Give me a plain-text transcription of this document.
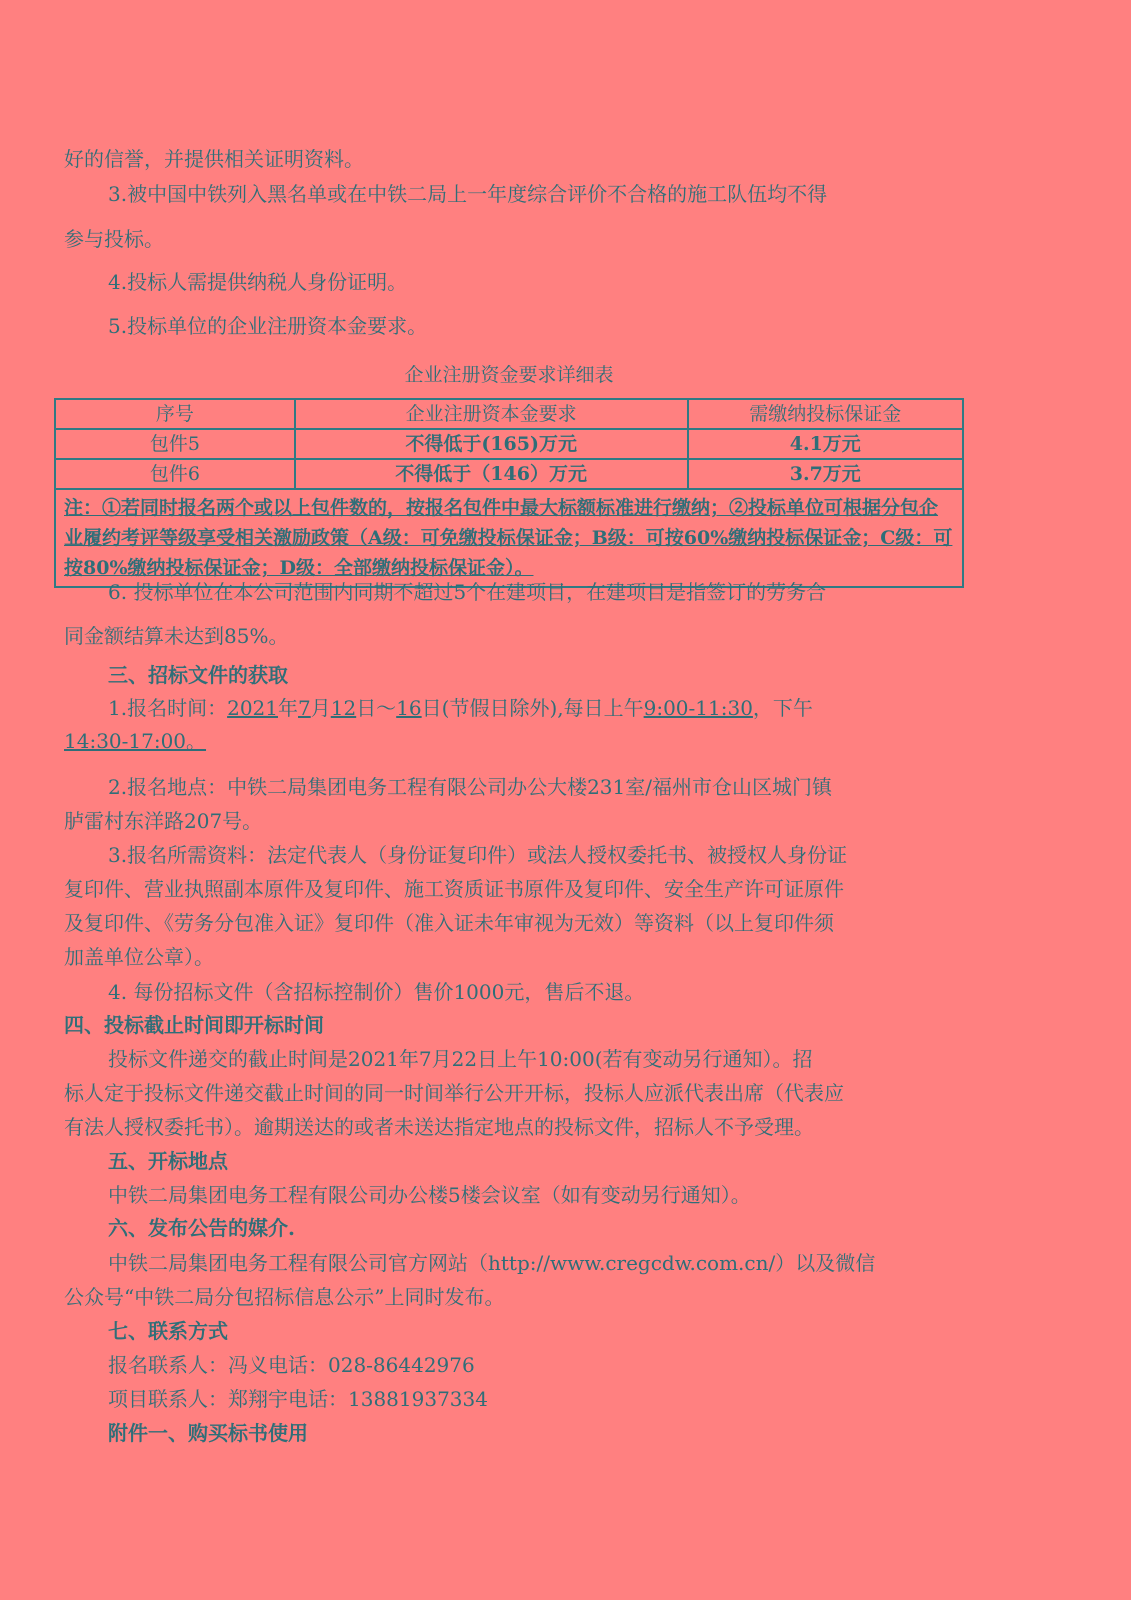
好的信誉，并提供相关证明资料。
3.被中国中铁列入黑名单或在中铁二局上一年度综合评价不合格的施工队伍均不得
参与投标。
4.投标人需提供纳税人身份证明。
5.投标单位的企业注册资本金要求。
企业注册资金要求详细表
序号	企业注册资本金要求	需缴纳投标保证金
包件5	不得低于(165)万元	4.1万元
包件6	不得低于（146）万元	3.7万元
注：①若同时报名两个或以上包件数的，按报名包件中最大标额标准进行缴纳；②投标单位可根据分包企业履约考评等级享受相关激励政策（A级：可免缴投标保证金；B级：可按60%缴纳投标保证金；C级：可按80%缴纳投标保证金；D级：全部缴纳投标保证金）。		
6. 投标单位在本公司范围内同期不超过5个在建项目，在建项目是指签订的劳务合
同金额结算未达到85%。
三、招标文件的获取
1.报名时间：2021年7月12日～16日(节假日除外),每日上午9:00-11:30，下午
14:30-17:00。
2.报名地点：中铁二局集团电务工程有限公司办公大楼231室/福州市仓山区城门镇
胪雷村东洋路207号。
3.报名所需资料：法定代表人（身份证复印件）或法人授权委托书、被授权人身份证
复印件、营业执照副本原件及复印件、施工资质证书原件及复印件、安全生产许可证原件
及复印件、《劳务分包准入证》复印件（准入证未年审视为无效）等资料（以上复印件须
加盖单位公章）。
4. 每份招标文件（含招标控制价）售价1000元，售后不退。
四、投标截止时间即开标时间
投标文件递交的截止时间是2021年7月22日上午10:00(若有变动另行通知）。招
标人定于投标文件递交截止时间的同一时间举行公开开标，投标人应派代表出席（代表应
有法人授权委托书）。逾期送达的或者未送达指定地点的投标文件，招标人不予受理。
五、开标地点
中铁二局集团电务工程有限公司办公楼5楼会议室（如有变动另行通知）。
六、发布公告的媒介.
中铁二局集团电务工程有限公司官方网站（http://www.cregcdw.com.cn/）以及微信
公众号“中铁二局分包招标信息公示”上同时发布。
七、联系方式
报名联系人：冯义电话：028-86442976
项目联系人：郑翔宇电话：13881937334
附件一、购买标书使用
